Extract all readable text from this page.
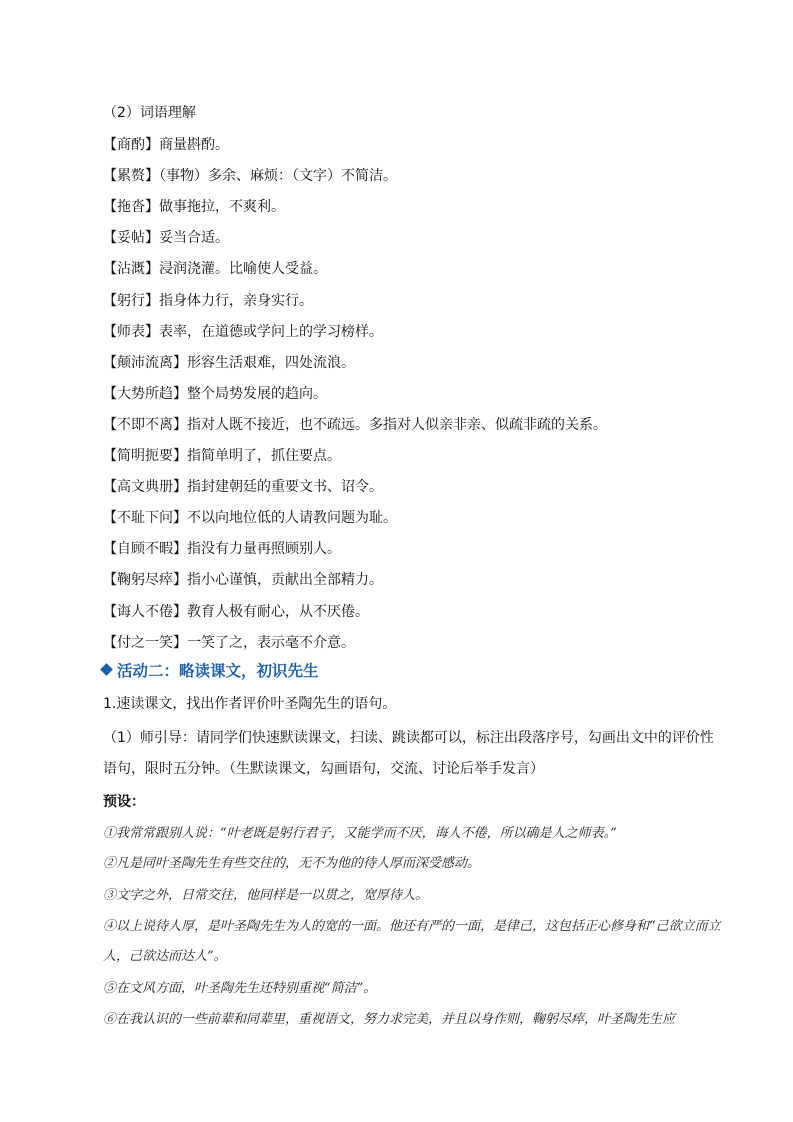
（2）词语理解
【商酌】商量斟酌。
【累赘】（事物）多余、麻烦：（文字）不简洁。
【拖沓】做事拖拉，不爽利。
【妥帖】妥当合适。
【沾溉】浸润浇灌。比喻使人受益。
【躬行】指身体力行，亲身实行。
【师表】表率，在道德或学问上的学习榜样。
【颠沛流离】形容生活艰难，四处流浪。
【大势所趋】整个局势发展的趋向。
【不即不离】指对人既不接近，也不疏远。多指对人似亲非亲、似疏非疏的关系。
【简明扼要】指简单明了，抓住要点。
【高文典册】指封建朝廷的重要文书、诏令。
【不耻下问】不以向地位低的人请教问题为耻。
【自顾不暇】指没有力量再照顾别人。
【鞠躬尽瘁】指小心谨慎，贡献出全部精力。
【诲人不倦】教育人极有耐心，从不厌倦。
【付之一笑】一笑了之，表示毫不介意。
活动二：略读课文，初识先生
1.速读课文，找出作者评价叶圣陶先生的语句。
（1）师引导：请同学们快速默读课文，扫读、跳读都可以，标注出段落序号，勾画出文中的评价性语句，限时五分钟。（生默读课文，勾画语句，交流、讨论后举手发言）
预设：
①我常常跟别人说：“叶老既是躬行君子，又能学而不厌，诲人不倦，所以确是人之师表。”
②凡是同叶圣陶先生有些交往的，无不为他的待人厚而深受感动。
③文字之外，日常交往，他同样是一以贯之，宽厚待人。
④以上说待人厚，是叶圣陶先生为人的宽的一面。他还有严的一面，是律己，这包括正心修身和“己欲立而立人，己欲达而达人”。
⑤在文风方面，叶圣陶先生还特别重视“简洁”。
⑥在我认识的一些前辈和同辈里，重视语文，努力求完美，并且以身作则，鞠躬尽瘁，叶圣陶先生应
